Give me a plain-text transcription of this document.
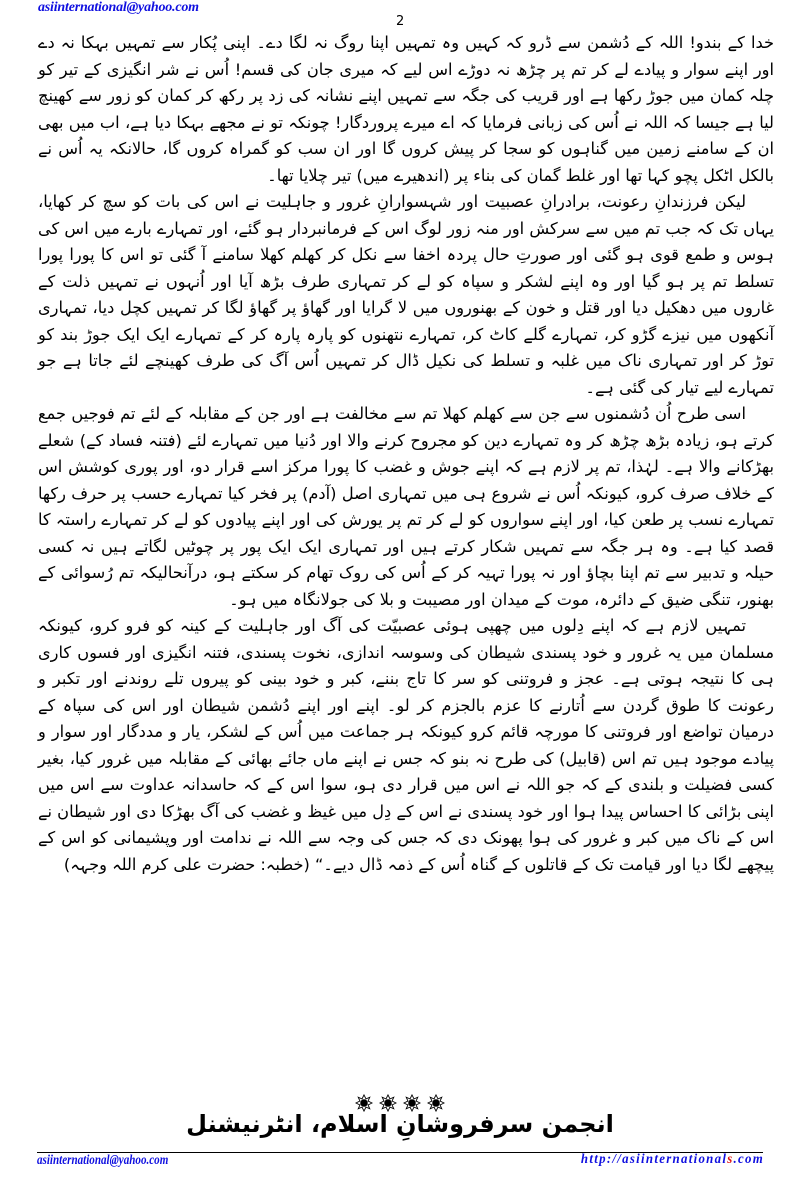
asiinternational@yahoo.com
2

خدا کے بندو! اللہ کے دُشمن سے ڈرو کہ کہیں وہ تمہیں اپنا روگ نہ لگا دے۔ اپنی پُکار سے تمہیں بہکا نہ دے اور اپنے سوار و پیادے لے کر تم پر چڑھ نہ دوڑے اس لیے کہ میری جان کی قسم! اُس نے شر انگیزی کے تیر کو چلہ کمان میں جوڑ رکھا ہے اور قریب کی جگہ سے تمہیں اپنے نشانہ کی زد پر رکھ کر کمان کو زور سے کھینچ لیا ہے جیسا کہ اللہ نے اُس کی زبانی فرمایا کہ اے میرے پروردگار! چونکہ تو نے مجھے بہکا دیا ہے، اب میں بھی ان کے سامنے زمین میں گناہوں کو سجا کر پیش کروں گا اور ان سب کو گمراہ کروں گا، حالانکہ یہ اُس نے بالکل اٹکل پچو کہا تھا اور غلط گمان کی بناء پر (اندھیرے میں) تیر چلایا تھا۔

لیکن فرزندانِ رعونت، برادرانِ عصبیت اور شہسوارانِ غرور و جاہلیت نے اس کی بات کو سچ کر کھایا، یہاں تک کہ جب تم میں سے سرکش اور منہ زور لوگ اس کے فرمانبردار ہو گئے، اور تمہارے بارے میں اس کی ہوس و طمع قوی ہو گئی اور صورتِ حال پردہ اخفا سے نکل کر کھلم کھلا سامنے آ گئی تو اس کا پورا پورا تسلط تم پر ہو گیا اور وہ اپنے لشکر و سپاہ کو لے کر تمہاری طرف بڑھ آیا اور اُنہوں نے تمہیں ذلت کے غاروں میں دھکیل دیا اور قتل و خون کے بھنوروں میں لا گرایا اور گھاؤ پر گھاؤ لگا کر تمہیں کچل دیا، تمہاری آنکھوں میں نیزے گڑو کر، تمہارے گلے کاٹ کر، تمہارے نتھنوں کو پارہ پارہ کر کے تمہارے ایک ایک جوڑ بند کو توڑ کر اور تمہاری ناک میں غلبہ و تسلط کی نکیل ڈال کر تمہیں اُس آگ کی طرف کھینچے لئے جاتا ہے جو تمہارے لیے تیار کی گئی ہے۔

اسی طرح اُن دُشمنوں سے جن سے کھلم کھلا تم سے مخالفت ہے اور جن کے مقابلہ کے لئے تم فوجیں جمع کرتے ہو، زیادہ بڑھ چڑھ کر وہ تمہارے دین کو مجروح کرنے والا اور دُنیا میں تمہارے لئے (فتنہ فساد کے) شعلے بھڑکانے والا ہے۔ لہٰذا، تم پر لازم ہے کہ اپنے جوش و غضب کا پورا مرکز اسے قرار دو، اور پوری کوشش اس کے خلاف صرف کرو، کیونکہ اُس نے شروع ہی میں تمہاری اصل (آدم) پر فخر کیا تمہارے حسب پر حرف رکھا تمہارے نسب پر طعن کیا، اور اپنے سواروں کو لے کر تم پر یورش کی اور اپنے پیادوں کو لے کر تمہارے راستہ کا قصد کیا ہے۔ وہ ہر جگہ سے تمہیں شکار کرتے ہیں اور تمہاری ایک ایک پور پر چوٹیں لگاتے ہیں نہ کسی حیلہ و تدبیر سے تم اپنا بچاؤ اور نہ پورا تہیہ کر کے اُس کی روک تھام کر سکتے ہو، درآنحالیکہ تم رُسوائی کے بھنور، تنگی ضیق کے دائرہ، موت کے میدان اور مصیبت و بلا کی جولانگاہ میں ہو۔

تمہیں لازم ہے کہ اپنے دِلوں میں چھپی ہوئی عصبیّت کی آگ اور جاہلیت کے کینہ کو فرو کرو، کیونکہ مسلمان میں یہ غرور و خود پسندی شیطان کی وسوسہ اندازی، نخوت پسندی، فتنہ انگیزی اور فسوں کاری ہی کا نتیجہ ہوتی ہے۔ عجز و فروتنی کو سر کا تاج بننے، کبر و خود بینی کو پیروں تلے روندنے اور تکبر و رعونت کا طوق گردن سے اُتارنے کا عزم بالجزم کر لو۔ اپنے اور اپنے دُشمن شیطان اور اس کی سپاہ کے درمیان تواضع اور فروتنی کا مورچہ قائم کرو کیونکہ ہر جماعت میں اُس کے لشکر، یار و مددگار اور سوار و پیادے موجود ہیں تم اس (قابیل) کی طرح نہ بنو کہ جس نے اپنے ماں جائے بھائی کے مقابلہ میں غرور کیا، بغیر کسی فضیلت و بلندی کے کہ جو اللہ نے اس میں قرار دی ہو، سوا اس کے کہ حاسدانہ عداوت سے اس میں اپنی بڑائی کا احساس پیدا ہوا اور خود پسندی نے اس کے دِل میں غیظ و غضب کی آگ بھڑکا دی اور شیطان نے اس کے ناک میں کبر و غرور کی ہوا پھونک دی کہ جس کی وجہ سے اللہ نے ندامت اور وپشیمانی کو اس کے پیچھے لگا دیا اور قیامت تک کے قاتلوں کے گناہ اُس کے ذمہ ڈال دیے۔“ (خطبہ: حضرت علی کرم اللہ وجہہ)

انجمن سرفروشانِ اسلام، انٹرنیشنل
asiinternational@yahoo.com	http://asiinternationals.com
